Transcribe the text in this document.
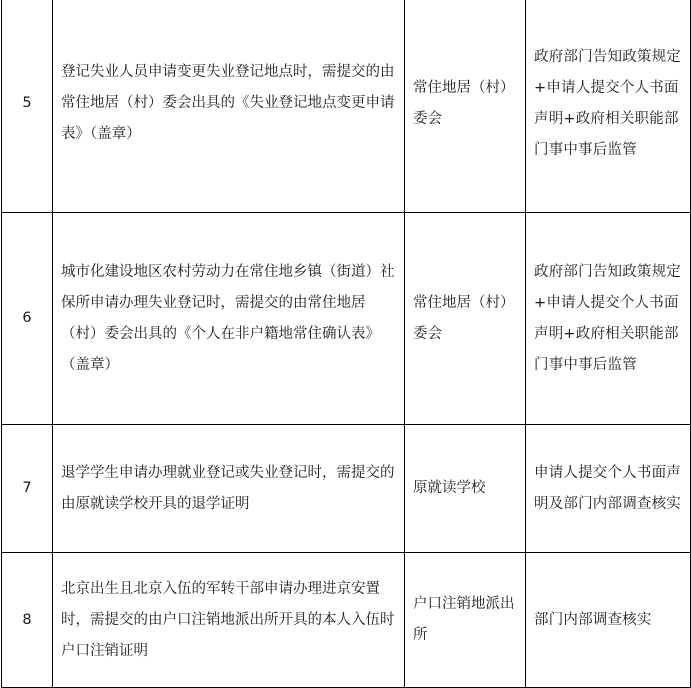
5	登记失业人员申请变更失业登记地点时，需提交的由常住地居（村）委会出具的《失业登记地点变更申请表》（盖章）	常住地居（村）委会	政府部门告知政策规定+申请人提交个人书面声明+政府相关职能部门事中事后监管
6	城市化建设地区农村劳动力在常住地乡镇（街道）社保所申请办理失业登记时，需提交的由常住地居（村）委会出具的《个人在非户籍地常住确认表》（盖章）	常住地居（村）委会	政府部门告知政策规定+申请人提交个人书面声明+政府相关职能部门事中事后监管
7	退学学生申请办理就业登记或失业登记时，需提交的由原就读学校开具的退学证明	原就读学校	申请人提交个人书面声明及部门内部调查核实
8	北京出生且北京入伍的军转干部申请办理进京安置时，需提交的由户口注销地派出所开具的本人入伍时户口注销证明	户口注销地派出所	部门内部调查核实
